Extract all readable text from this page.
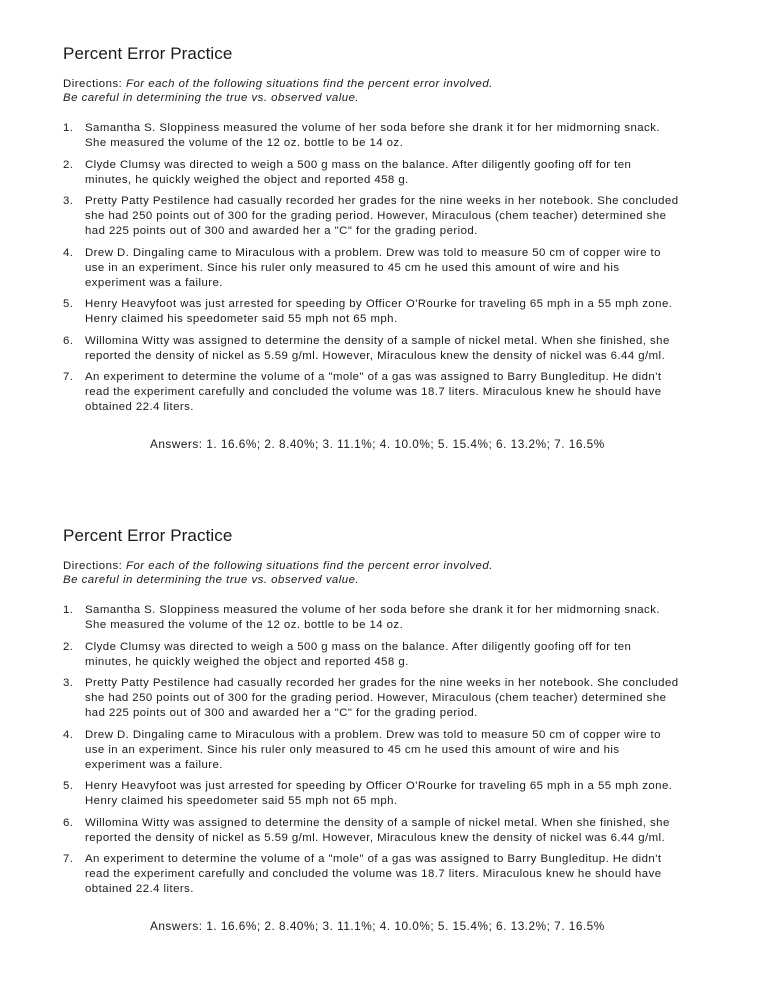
Percent Error Practice

Directions: For each of the following situations find the percent error involved.
Be careful in determining the true vs. observed value.

1. Samantha S. Sloppiness measured the volume of her soda before she drank it for her midmorning snack.
She measured the volume of the 12 oz. bottle to be 14 oz.
2. Clyde Clumsy was directed to weigh a 500 g mass on the balance. After diligently goofing off for ten
minutes, he quickly weighed the object and reported 458 g.
3. Pretty Patty Pestilence had casually recorded her grades for the nine weeks in her notebook. She concluded
she had 250 points out of 300 for the grading period. However, Miraculous (chem teacher) determined she
had 225 points out of 300 and awarded her a "C" for the grading period.
4. Drew D. Dingaling came to Miraculous with a problem. Drew was told to measure 50 cm of copper wire to
use in an experiment. Since his ruler only measured to 45 cm he used this amount of wire and his
experiment was a failure.
5. Henry Heavyfoot was just arrested for speeding by Officer O'Rourke for traveling 65 mph in a 55 mph zone.
Henry claimed his speedometer said 55 mph not 65 mph.
6. Willomina Witty was assigned to determine the density of a sample of nickel metal. When she finished, she
reported the density of nickel as 5.59 g/ml. However, Miraculous knew the density of nickel was 6.44 g/ml.
7. An experiment to determine the volume of a "mole" of a gas was assigned to Barry Bungleditup. He didn't
read the experiment carefully and concluded the volume was 18.7 liters. Miraculous knew he should have
obtained 22.4 liters.
Answers: 1. 16.6%; 2. 8.40%; 3. 11.1%; 4. 10.0%; 5. 15.4%; 6. 13.2%; 7. 16.5%
Percent Error Practice

Directions: For each of the following situations find the percent error involved.
Be careful in determining the true vs. observed value.

1. Samantha S. Sloppiness measured the volume of her soda before she drank it for her midmorning snack.
She measured the volume of the 12 oz. bottle to be 14 oz.
2. Clyde Clumsy was directed to weigh a 500 g mass on the balance. After diligently goofing off for ten
minutes, he quickly weighed the object and reported 458 g.
3. Pretty Patty Pestilence had casually recorded her grades for the nine weeks in her notebook. She concluded
she had 250 points out of 300 for the grading period. However, Miraculous (chem teacher) determined she
had 225 points out of 300 and awarded her a "C" for the grading period.
4. Drew D. Dingaling came to Miraculous with a problem. Drew was told to measure 50 cm of copper wire to
use in an experiment. Since his ruler only measured to 45 cm he used this amount of wire and his
experiment was a failure.
5. Henry Heavyfoot was just arrested for speeding by Officer O'Rourke for traveling 65 mph in a 55 mph zone.
Henry claimed his speedometer said 55 mph not 65 mph.
6. Willomina Witty was assigned to determine the density of a sample of nickel metal. When she finished, she
reported the density of nickel as 5.59 g/ml. However, Miraculous knew the density of nickel was 6.44 g/ml.
7. An experiment to determine the volume of a "mole" of a gas was assigned to Barry Bungleditup. He didn't
read the experiment carefully and concluded the volume was 18.7 liters. Miraculous knew he should have
obtained 22.4 liters.
Answers: 1. 16.6%; 2. 8.40%; 3. 11.1%; 4. 10.0%; 5. 15.4%; 6. 13.2%; 7. 16.5%
